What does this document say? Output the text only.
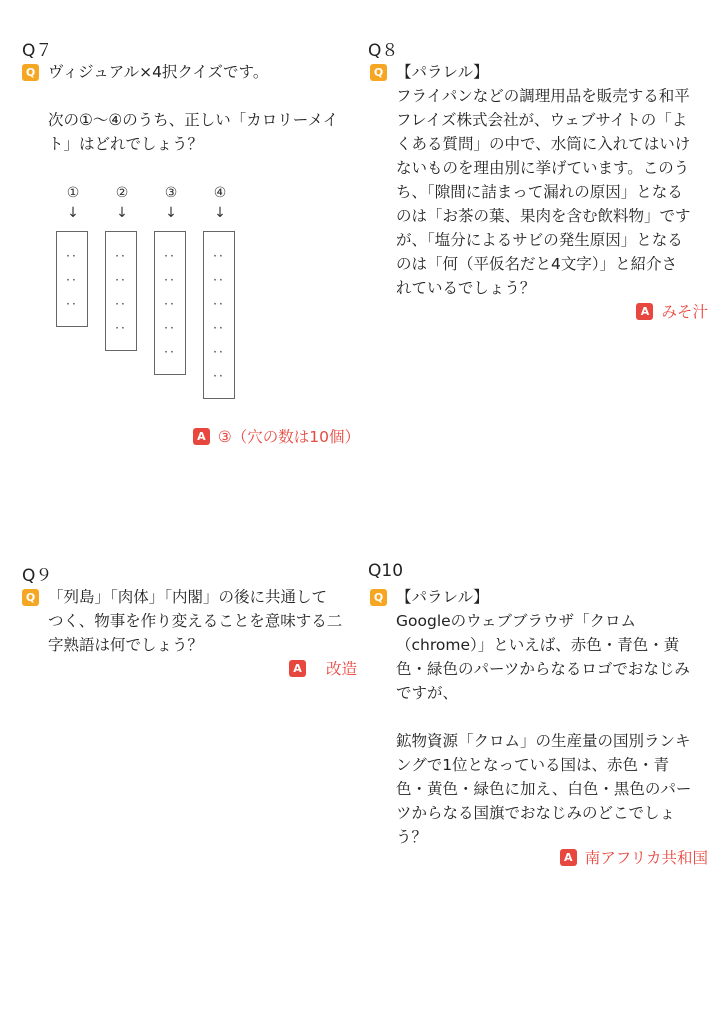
Q７
Q ヴィジュアル×4択クイズです。

次の①～④のうち、正しい「カロリーメイ
ト」はどれでしょう？
①
↓
··
··
··
②
↓
··
··
··
··
③
↓
··
··
··
··
··
④
↓
··
··
··
··
··
··
A ③（穴の数は10個）
Q８
Q 【パラレル】
フライパンなどの調理用品を販売する和平
フレイズ株式会社が、ウェブサイトの「よ
くある質問」の中で、水筒に入れてはいけ
ないものを理由別に挙げています。このう
ち、「隙間に詰まって漏れの原因」となる
のは「お茶の葉、果肉を含む飲料物」です
が、「塩分によるサビの発生原因」となる
のは「何（平仮名だと4文字）」と紹介さ
れているでしょう？
A みそ汁
Q９
Q 「列島」「肉体」「内閣」の後に共通して
つく、物事を作り変えることを意味する二
字熟語は何でしょう？
A 改造
Q10
Q 【パラレル】
Googleのウェブブラウザ「クロム
（chrome）」といえば、赤色・青色・黄
色・緑色のパーツからなるロゴでおなじみ
ですが、

鉱物資源「クロム」の生産量の国別ランキ
ングで1位となっている国は、赤色・青
色・黄色・緑色に加え、白色・黒色のパー
ツからなる国旗でおなじみのどこでしょ
う？
A 南アフリカ共和国
